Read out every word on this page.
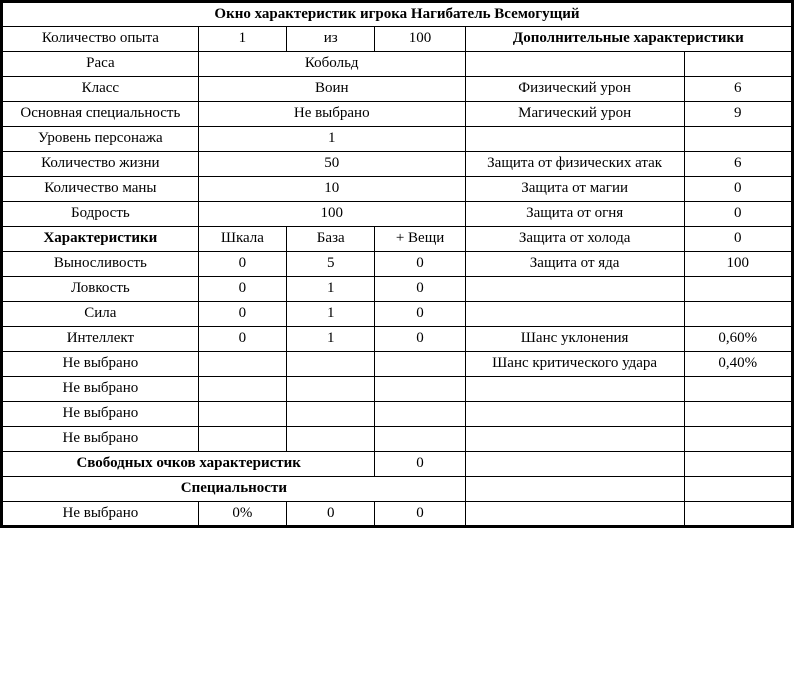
Окно характеристик игрока Нагибатель Всемогущий					
Количество опыта	1	из	100	Дополнительные характеристики	
Раса	Кобольд				
Класс	Воин			Физический урон	6
Основная специальность	Не выбрано			Магический урон	9
Уровень персонажа	1				
Количество жизни	50			Защита от физических атак	6
Количество маны	10			Защита от магии	0
Бодрость	100			Защита от огня	0
Характеристики	Шкала	База	+ Вещи	Защита от холода	0
Выносливость	0	5	0	Защита от яда	100
Ловкость	0	1	0		
Сила	0	1	0		
Интеллект	0	1	0	Шанс уклонения	0,60%
Не выбрано				Шанс критического удара	0,40%
Не выбрано					
Не выбрано					
Не выбрано					
Свободных очков характеристик			0		
Специальности					
Не выбрано	0%	0	0		
